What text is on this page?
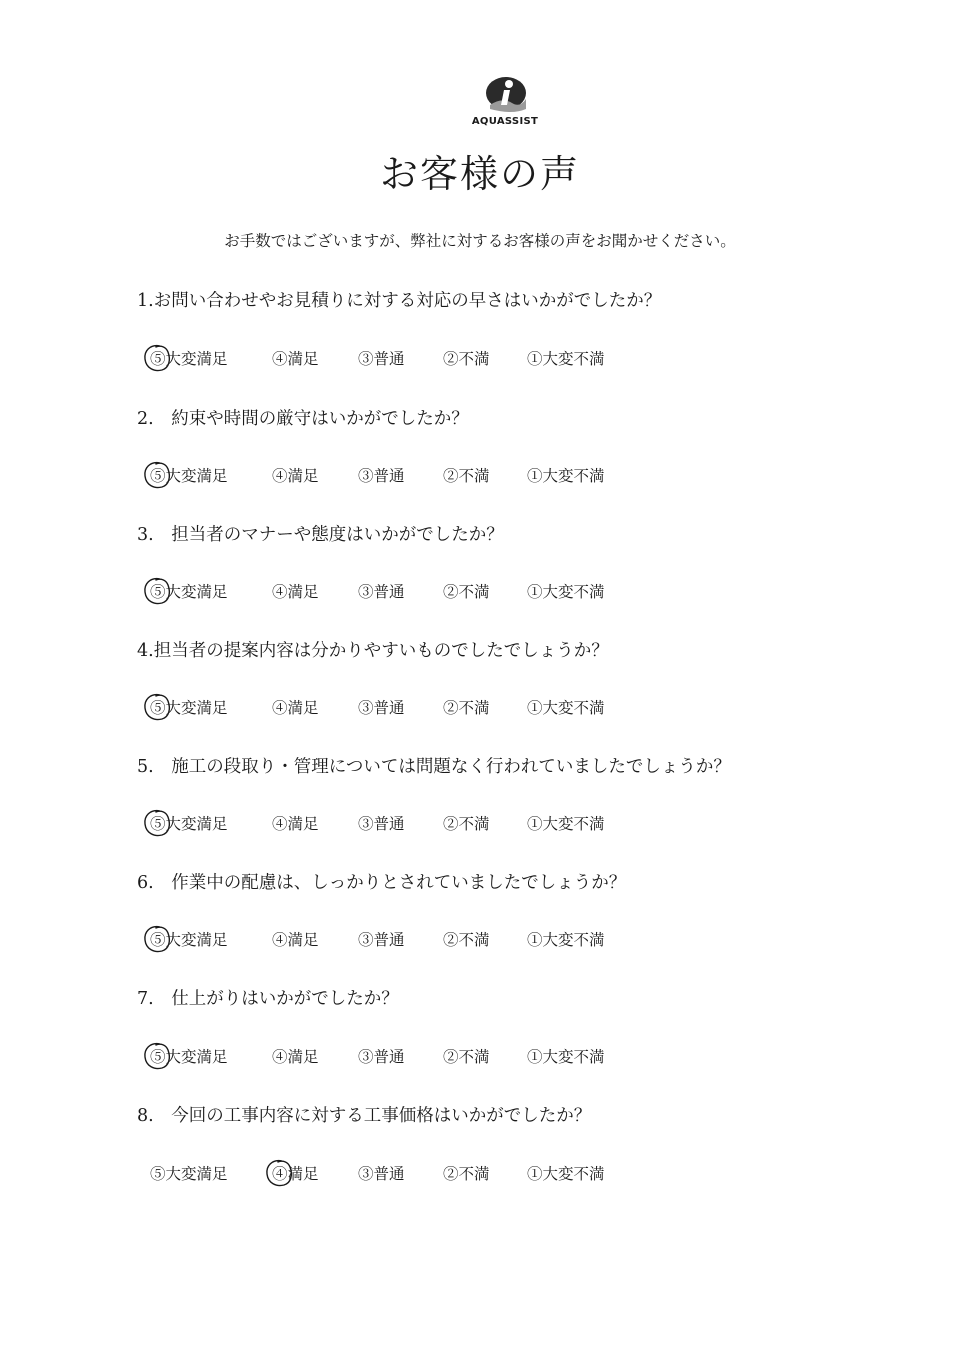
AQUASSIST
お客様の声
お手数ではございますが、弊社に対するお客様の声をお聞かせください。
1.お問い合わせやお見積りに対する対応の早さはいかがでしたか？
⑤大変満足	④満足	③普通 ②不満 ①大変不満
2.　約束や時間の厳守はいかがでしたか？
⑤大変満足	④満足	③普通 ②不満 ①大変不満
3.　担当者のマナーや態度はいかがでしたか？
⑤大変満足	④満足	③普通 ②不満 ①大変不満
4.担当者の提案内容は分かりやすいものでしたでしょうか？
⑤大変満足	④満足	③普通 ②不満 ①大変不満
5.　施工の段取り・管理については問題なく行われていましたでしょうか？
⑤大変満足	④満足	③普通 ②不満 ①大変不満
6.　作業中の配慮は、しっかりとされていましたでしょうか？
⑤大変満足	④満足	③普通 ②不満 ①大変不満
7.　仕上がりはいかがでしたか？
⑤大変満足	④満足	③普通 ②不満 ①大変不満
8.　今回の工事内容に対する工事価格はいかがでしたか？
⑤大変満足	④満足	③普通 ②不満 ①大変不満
